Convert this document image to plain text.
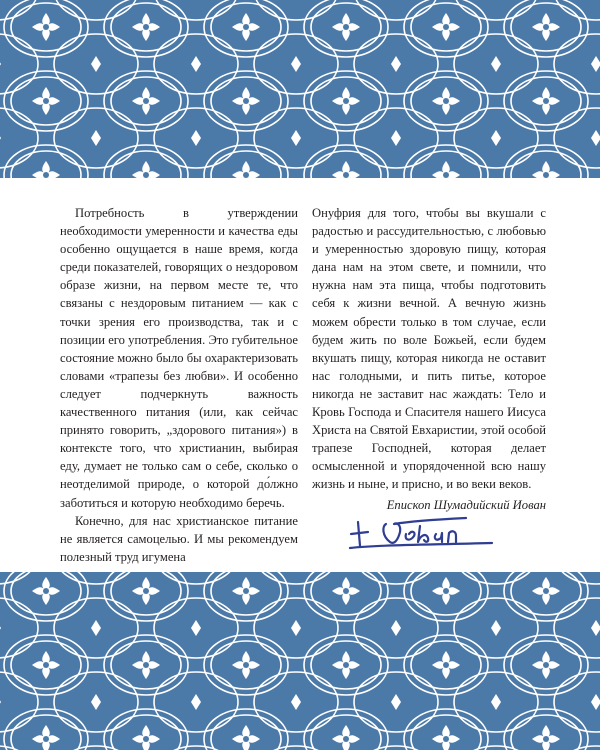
Потребность в утверждении необходимости умеренности и качества еды особенно ощущается в наше время, когда среди показателей, говорящих о нездоровом образе жизни, на первом месте те, что связаны с нездоровым питанием — как с точки зрения его производства, так и с позиции его употребления. Это губительное состояние можно было бы охарактеризовать словами «трапезы без любви». И особенно следует подчеркнуть важность качественного питания (или, как сейчас принято говорить, „здорового питания») в контексте того, что христианин, выбирая еду, думает не только сам о себе, сколько о неотделимой природе, о которой до́лжно заботиться и которую необходимо беречь.

Конечно, для нас христианское питание не является самоцелью. И мы рекомендуем полезный труд игумена

Онуфрия для того, чтобы вы вкушали с радостью и рассудительностью, с любовью и умеренностью здоровую пищу, которая дана нам на этом свете, и помнили, что нужна нам эта пища, чтобы подготовить себя к жизни вечной. А вечную жизнь можем обрести только в том случае, если будем жить по воле Божьей, если будем вкушать пищу, которая никогда не оставит нас голодными, и пить питье, которое никогда не заставит нас жаждать: Тело и Кровь Господа и Спасителя нашего Иисуса Христа на Святой Евхаристии, этой особой трапезе Господней, которая делает осмысленной и упорядоченной всю нашу жизнь и ныне, и присно, и во веки веков.

Епископ Шумадийский Иован
